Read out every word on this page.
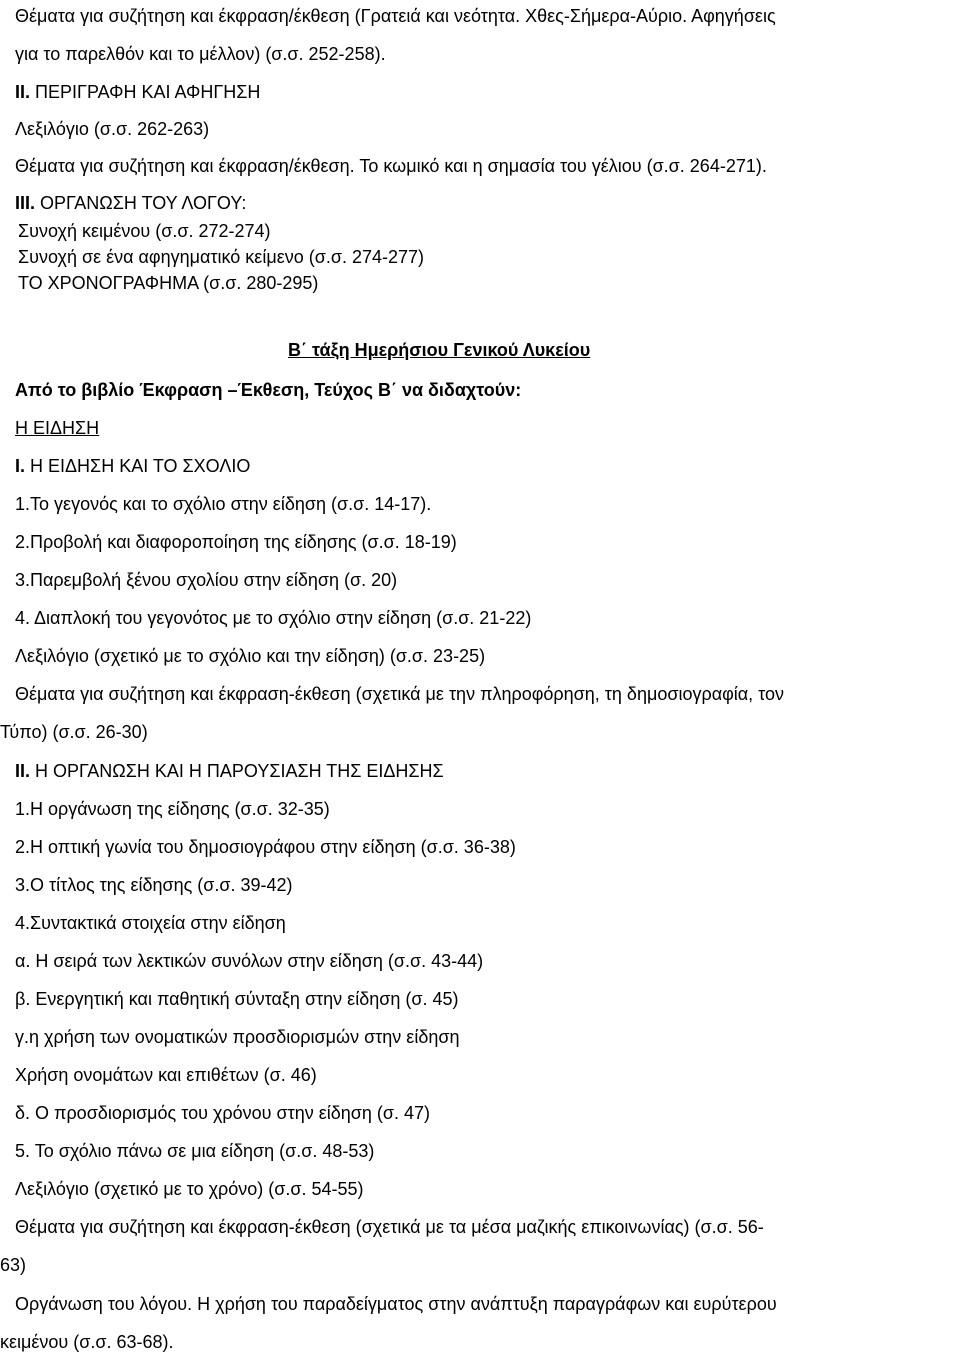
Θέματα για συζήτηση και έκφραση/έκθεση (Γρατειά και νεότητα. Χθες-Σήμερα-Αύριο. Αφηγήσεις

για το παρελθόν και το μέλλον) (σ.σ. 252-258).

ΙΙ. ΠΕΡΙΓΡΑΦΗ ΚΑΙ ΑΦΗΓΗΣΗ

Λεξιλόγιο (σ.σ. 262-263)

Θέματα για συζήτηση και έκφραση/έκθεση. Το κωμικό και η σημασία του γέλιου (σ.σ. 264-271).

ΙΙΙ. ΟΡΓΑΝΩΣΗ ΤΟΥ ΛΟΓΟΥ:

Συνοχή κειμένου (σ.σ. 272-274)

Συνοχή σε ένα αφηγηματικό κείμενο (σ.σ. 274-277)

ΤΟ ΧΡΟΝΟΓΡΑΦΗΜΑ (σ.σ. 280-295)

Β΄ τάξη Ημερήσιου Γενικού Λυκείου

Από το βιβλίο Έκφραση –Έκθεση, Τεύχος Β΄ να διδαχτούν:

Η ΕΙΔΗΣΗ

Ι. Η ΕΙΔΗΣΗ ΚΑΙ ΤΟ ΣΧΟΛΙΟ

1.Το γεγονός και το σχόλιο στην είδηση (σ.σ. 14-17).

2.Προβολή και διαφοροποίηση της είδησης (σ.σ. 18-19)

3.Παρεμβολή ξένου σχολίου στην είδηση (σ. 20)

4. Διαπλοκή του γεγονότος με το σχόλιο στην είδηση (σ.σ. 21-22)

Λεξιλόγιο (σχετικό με το σχόλιο και την είδηση) (σ.σ. 23-25)

Θέματα για συζήτηση και έκφραση-έκθεση (σχετικά με την πληροφόρηση, τη δημοσιογραφία, τον

Τύπο) (σ.σ. 26-30)

ΙΙ. Η ΟΡΓΑΝΩΣΗ ΚΑΙ Η ΠΑΡΟΥΣΙΑΣΗ ΤΗΣ ΕΙΔΗΣΗΣ

1.Η οργάνωση της είδησης (σ.σ. 32-35)

2.Η οπτική γωνία του δημοσιογράφου στην είδηση (σ.σ. 36-38)

3.Ο τίτλος της είδησης (σ.σ. 39-42)

4.Συντακτικά στοιχεία στην είδηση

α. Η σειρά των λεκτικών συνόλων στην είδηση (σ.σ. 43-44)

β. Ενεργητική και παθητική σύνταξη στην είδηση (σ. 45)

γ.η χρήση των ονοματικών προσδιορισμών στην είδηση

Χρήση ονομάτων και επιθέτων (σ. 46)

δ. Ο προσδιορισμός του χρόνου στην είδηση (σ. 47)

5. Το σχόλιο πάνω σε μια είδηση (σ.σ. 48-53)

Λεξιλόγιο (σχετικό με το χρόνο) (σ.σ. 54-55)

Θέματα για συζήτηση και έκφραση-έκθεση (σχετικά με τα μέσα μαζικής επικοινωνίας) (σ.σ. 56-

63)

Οργάνωση του λόγου. Η χρήση του παραδείγματος στην ανάπτυξη παραγράφων και ευρύτερου

κειμένου (σ.σ. 63-68).
